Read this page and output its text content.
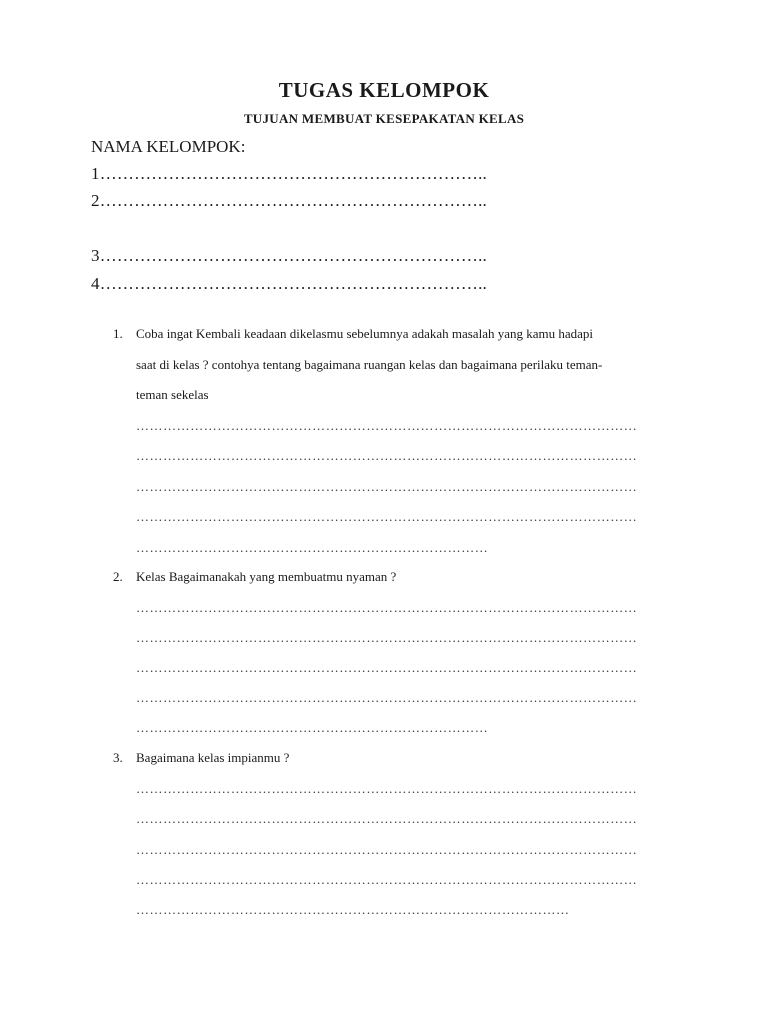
TUGAS KELOMPOK
TUJUAN MEMBUAT KESEPAKATAN KELAS

NAMA KELOMPOK:

1…………………………………………………………..
2…………………………………………………………..
3…………………………………………………………..
4…………………………………………………………..
1. Coba ingat Kembali keadaan dikelasmu sebelumnya adakah masalah yang kamu hadapi
saat di kelas ? contohya tentang bagaimana ruangan kelas dan bagaimana perilaku teman-
teman sekelas
…………………………………………………………………………………………………
…………………………………………………………………………………………………
…………………………………………………………………………………………………
…………………………………………………………………………………………………
……………………………………………………………………
2. Kelas Bagaimanakah yang membuatmu nyaman ?
…………………………………………………………………………………………………
…………………………………………………………………………………………………
…………………………………………………………………………………………………
…………………………………………………………………………………………………
……………………………………………………………………
3. Bagaimana kelas impianmu ?
…………………………………………………………………………………………………
…………………………………………………………………………………………………
…………………………………………………………………………………………………
…………………………………………………………………………………………………
……………………………………………………………………………………
